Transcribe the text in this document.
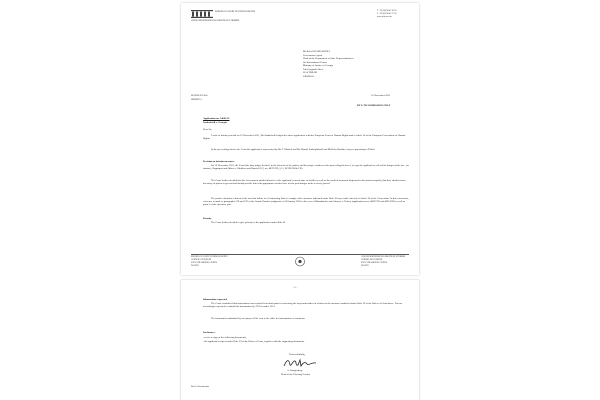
EUROPEAN COURT OF HUMAN RIGHTS
COUR EUROPÉENNE DES DROITS DE L'HOMME
T +33 (0)3 88 41 20 18
F +33 (0)3 88 41 27 30
www.echr.coe.int
Mr Beka DZAMASHVILI
Government Agent
Head of the Department of State Representation to
the International Courts
Ministry of Justice of Georgia
24a Gorgasali Street
0114 TBILISI
GEORGIA
ECHR-LE2.2bG
SRB/HUA
10 November 2021
BY E-TRANSMISSION ONLY
Application no. 14641/21
Saakashvili v. Georgia
Dear Sir,
I write to inform you that on 10 November 2021, Mr Saakashvili lodged the above application with the European Court of Human Rights under Article 34 of the European Convention on Human Rights.
In the proceedings before the Court the applicant is represented by Mr T. Mindeli and Mr Dimitri Sadzaglishvili and Mr Beka Basilaia, lawyers practising in Tbilisi.
Decision on interim measures
On 10 November 2021, the Court (the duty judge) decided, in the interests of the parties and the proper conduct of the proceedings before it, to urge the applicant to call off his hunger strike (see, for instance, Rappaport and Others v. Moldova and Russia [GC], no. 48787/99, § 11, ECHR 2004-VII).
The Court further decided that the Government should inform it of the applicant's current state of health (as well as the medical treatment dispensed in the prison hospital), that they should ensure his safety in prison in general and should provide him with appropriate medical care for the post-hunger strike recovery period.
The parties' attention is drawn to the fact that failure of a Contracting State to comply with a measure indicated under Rule 39 may entail a breach of Article 34 of the Convention. In this connection, reference is made to paragraphs 128 and 129 of the Grand Chamber judgment of 4 February 2005 in the case of Mamatkulov and Askarov v. Turkey (applications nos. 46827/99 and 46951/99) as well as point 5 of the operative part.
Priority
The Court further decided to give priority to the application under Rule 41.
EUROPEAN COURT OF HUMAN RIGHTS
COUNCIL OF EUROPE
67075 STRASBOURG CEDEX
FRANCE
COUR EUROPÉENNE DES DROITS DE L'HOMME
CONSEIL DE L'EUROPE
67075 STRASBOURG CEDEX
FRANCE
- 2 -
Information requested
The Court considered that information was required from both parties concerning the steps undertaken in relation to the measures indicated under Rule 39 of the Rules of Court above. You are accordingly requested to submit this information by 19 November 2021.
The information submitted by one party will be sent to the other for information or comments.
Enclosures:
- revise a copy of the following documents,
- the applicant's request under Rule 39 of the Rules of Court, together with the supporting documents.
Yours faithfully,
A. Rungenberg
Head of the Filtering Section
Encl.: Documents
